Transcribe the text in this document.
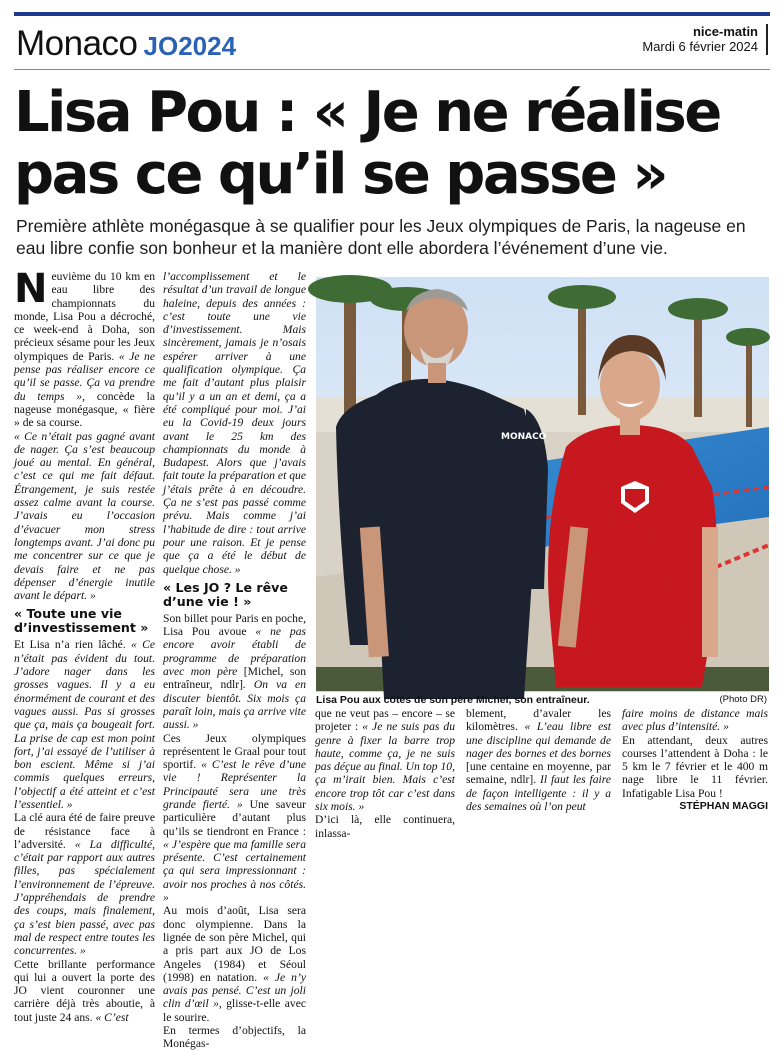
Monaco JO2024	nice-matin
Mardi 6 février 2024
Lisa Pou : « Je ne réalise pas ce qu’il se passe »
Première athlète monégasque à se qualifier pour les Jeux olympiques de Paris, la nageuse en eau libre confie son bonheur et la manière dont elle abordera l’événement d’une vie.

Neuvième du 10 km en eau libre des championnats du monde, Lisa Pou a décroché, ce week-end à Doha, son précieux sésame pour les Jeux olympiques de Paris. « Je ne pense pas réaliser encore ce qu’il se passe. Ça va prendre du temps », concède la nageuse monégasque, « fière » de sa course.

« Ce n’était pas gagné avant de nager. Ça s’est beaucoup joué au mental. En général, c’est ce qui me fait défaut. Étrangement, je suis restée assez calme avant la course. J’avais eu l’occasion d’évacuer mon stress longtemps avant. J’ai donc pu me concentrer sur ce que je devais faire et ne pas dépenser d’énergie inutile avant le départ. »

« Toute une vie d’investissement »

Et Lisa n’a rien lâché. « Ce n’était pas évident du tout. J’adore nager dans les grosses vagues. Il y a eu énormément de courant et des vagues aussi. Pas si grosses que ça, mais ça bougeait fort. La prise de cap est mon point fort, j’ai essayé de l’utiliser à bon escient. Même si j’ai commis quelques erreurs, l’objectif a été atteint et c’est l’essentiel. »

La clé aura été de faire preuve de résistance face à l’adversité. « La difficulté, c’était par rapport aux autres filles, pas spécialement l’environnement de l’épreuve. J’appréhendais de prendre des coups, mais finalement, ça s’est bien passé, avec pas mal de respect entre toutes les concurrentes. »

Cette brillante performance qui lui a ouvert la porte des JO vient couronner une carrière déjà très aboutie, à tout juste 24 ans. « C’est

l’accomplissement et le résultat d’un travail de longue haleine, depuis des années : c’est toute une vie d’investissement. Mais sincèrement, jamais je n’osais espérer arriver à une qualification olympique. Ça me fait d’autant plus plaisir qu’il y a un an et demi, ça a été compliqué pour moi. J’ai eu la Covid-19 deux jours avant le 25 km des championnats du monde à Budapest. Alors que j’avais fait toute la préparation et que j’étais prête à en découdre. Ça ne s’est pas passé comme prévu. Mais comme j’ai l’habitude de dire : tout arrive pour une raison. Et je pense que ça a été le début de quelque chose. »

« Les JO ? Le rêve d’une vie ! »

Son billet pour Paris en poche, Lisa Pou avoue « ne pas encore avoir établi de programme de préparation avec mon père [Michel, son entraîneur, ndlr]. On va en discuter bientôt. Six mois ça paraît loin, mais ça arrive vite aussi. »

Ces Jeux olympiques représentent le Graal pour tout sportif. « C’est le rêve d’une vie ! Représenter la Principauté sera une très grande fierté. » Une saveur particulière d’autant plus qu’ils se tiendront en France : « J’espère que ma famille sera présente. C’est certainement ça qui sera impressionnant : avoir nos proches à nos côtés. »

Au mois d’août, Lisa sera donc olympienne. Dans la lignée de son père Michel, qui a pris part aux JO de Los Angeles (1984) et Séoul (1998) en natation. « Je n’y avais pas pensé. C’est un joli clin d’œil », glisse-t-elle avec le sourire.

En termes d’objectifs, la Monégas-

MONACO
Lisa Pou aux côtés de son père Michel, son entraîneur.	(Photo DR)

que ne veut pas – encore – se projeter : « Je ne suis pas du genre à fixer la barre trop haute, comme ça, je ne suis pas déçue au final. Un top 10, ça m’irait bien. Mais c’est encore trop tôt car c’est dans six mois. »

D’ici là, elle continuera, inlassa-

blement, d’avaler les kilomètres. « L’eau libre est une discipline qui demande de nager des bornes et des bornes [une centaine en moyenne, par semaine, ndlr]. Il faut les faire de façon intelligente : il y a des semaines où l’on peut

faire moins de distance mais avec plus d’intensité. »

En attendant, deux autres courses l’attendent à Doha : le 5 km le 7 février et le 400 m nage libre le 11 février. Infatigable Lisa Pou !

STÉPHAN MAGGI
